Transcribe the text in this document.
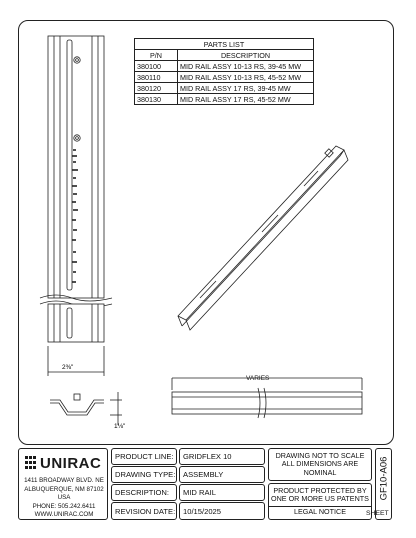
PARTS LIST	
P/N	DESCRIPTION
380100	MID RAIL ASSY 10-13 RS, 39-45 MW
380110	MID RAIL ASSY 10-13 RS, 45-52 MW
380120	MID RAIL ASSY 17 RS, 39-45 MW
380130	MID RAIL ASSY 17 RS, 45-52 MW
2⅜"
1⅛"
VARIES
UNIRAC
1411 BROADWAY BLVD. NE
ALBUQUERQUE, NM 87102 USA
PHONE: 505.242.6411
WWW.UNIRAC.COM
PRODUCT LINE:	GRIDFLEX 10
DRAWING TYPE:	ASSEMBLY
DESCRIPTION:	MID RAIL
REVISION DATE:	10/15/2025
DRAWING NOT TO SCALE
ALL DIMENSIONS ARE
NOMINAL
PRODUCT PROTECTED BY
ONE OR MORE US PATENTS
LEGAL NOTICE
GF10-A06
SHEET
